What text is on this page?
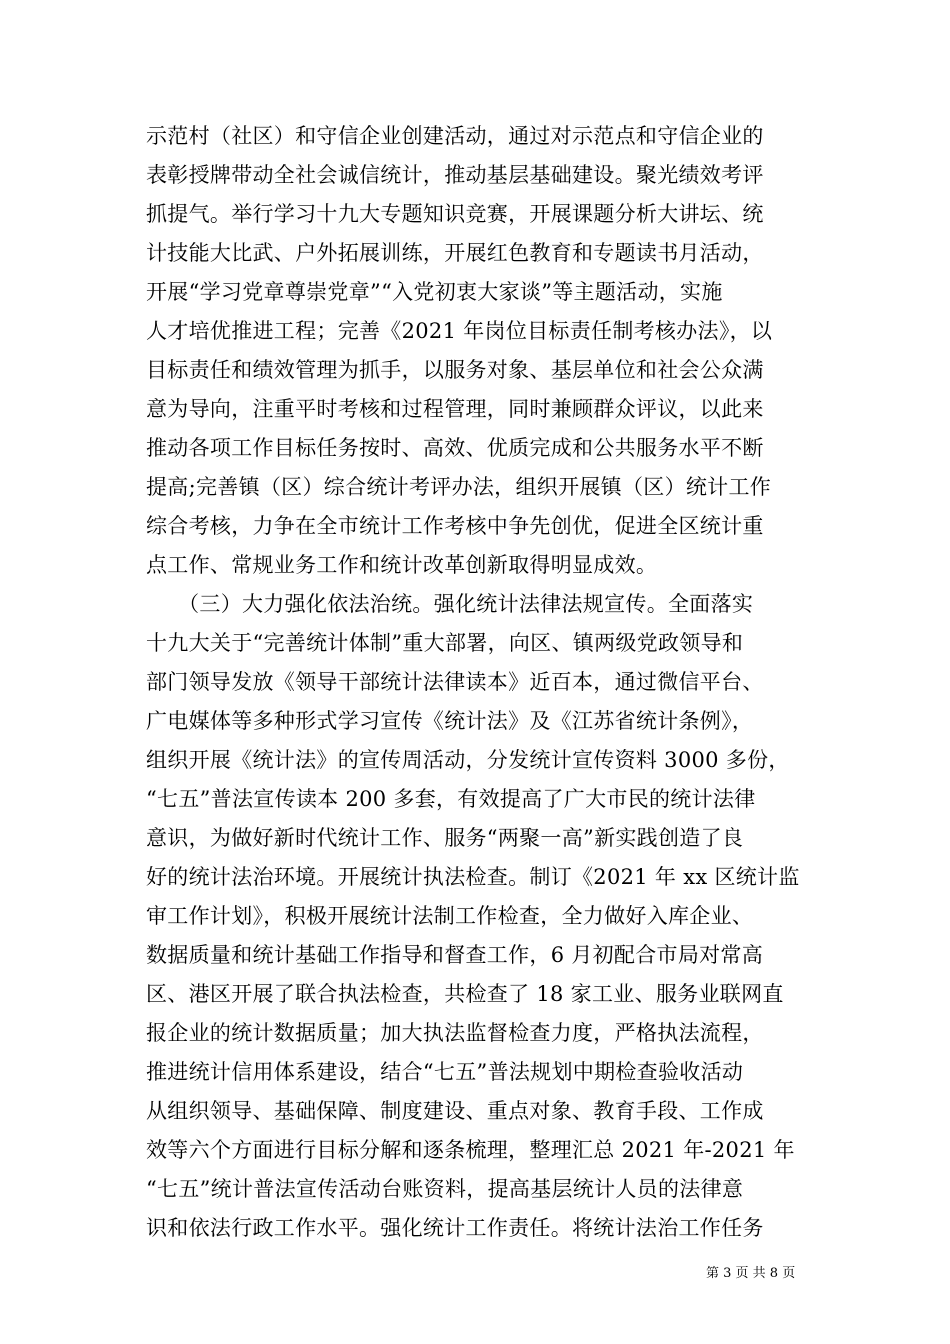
示范村（社区）和守信企业创建活动，通过对示范点和守信企业的
表彰授牌带动全社会诚信统计，推动基层基础建设。聚光绩效考评
抓提气。举行学习十九大专题知识竞赛，开展课题分析大讲坛、统
计技能大比武、户外拓展训练，开展红色教育和专题读书月活动，
开展“学习党章尊崇党章”“入党初衷大家谈”等主题活动，实施
人才培优推进工程；完善《2021 年岗位目标责任制考核办法》，以
目标责任和绩效管理为抓手，以服务对象、基层单位和社会公众满
意为导向，注重平时考核和过程管理，同时兼顾群众评议，以此来
推动各项工作目标任务按时、高效、优质完成和公共服务水平不断
提高;完善镇（区）综合统计考评办法，组织开展镇（区）统计工作
综合考核，力争在全市统计工作考核中争先创优，促进全区统计重
点工作、常规业务工作和统计改革创新取得明显成效。
　　（三）大力强化依法治统。强化统计法律法规宣传。全面落实
十九大关于“完善统计体制”重大部署，向区、镇两级党政领导和
部门领导发放《领导干部统计法律读本》近百本，通过微信平台、
广电媒体等多种形式学习宣传《统计法》及《江苏省统计条例》，
组织开展《统计法》的宣传周活动，分发统计宣传资料 3000 多份，
“七五”普法宣传读本 200 多套，有效提高了广大市民的统计法律
意识，为做好新时代统计工作、服务“两聚一高”新实践创造了良
好的统计法治环境。开展统计执法检查。制订《2021 年 xx 区统计监
审工作计划》，积极开展统计法制工作检查，全力做好入库企业、
数据质量和统计基础工作指导和督查工作，6 月初配合市局对常高
区、港区开展了联合执法检查，共检查了 18 家工业、服务业联网直
报企业的统计数据质量；加大执法监督检查力度，严格执法流程，
推进统计信用体系建设，结合“七五”普法规划中期检查验收活动
从组织领导、基础保障、制度建设、重点对象、教育手段、工作成
效等六个方面进行目标分解和逐条梳理，整理汇总 2021 年-2021 年
“七五”统计普法宣传活动台账资料，提高基层统计人员的法律意
识和依法行政工作水平。强化统计工作责任。将统计法治工作任务
第 3 页 共 8 页
